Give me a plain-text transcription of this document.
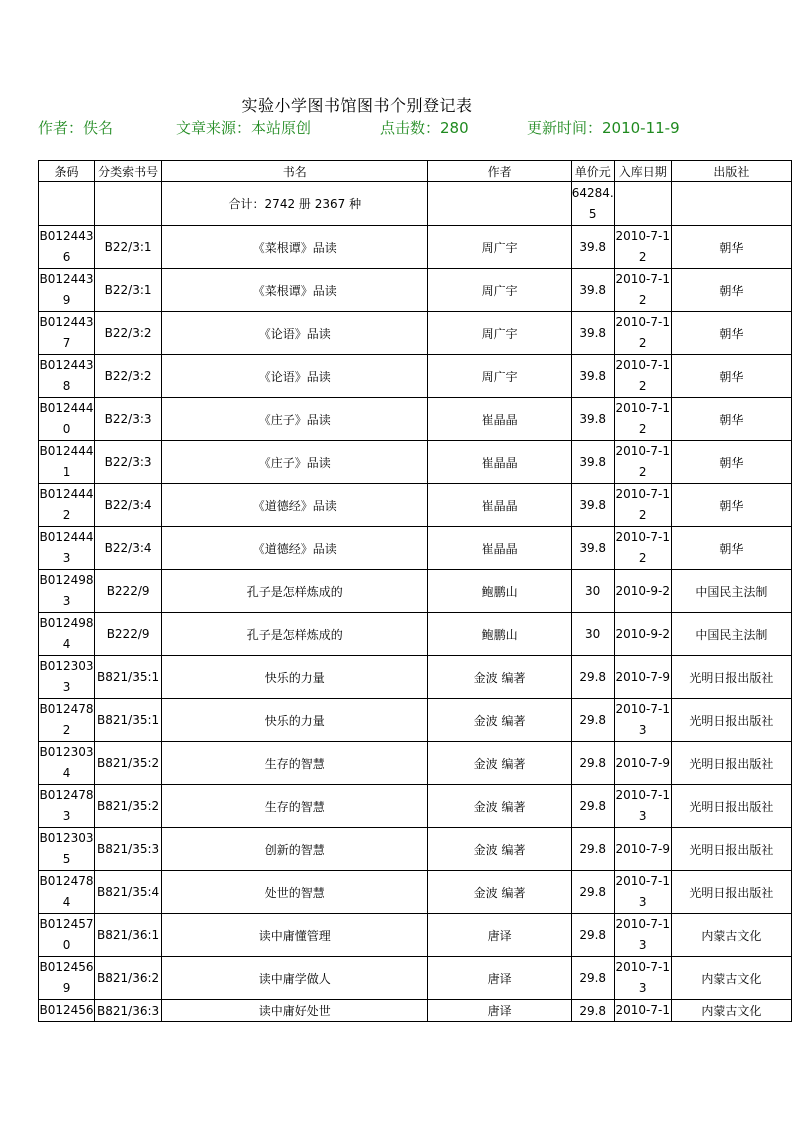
实验小学图书馆图书个别登记表
作者：佚名	文章来源：本站原创	点击数：280	更新时间：2010-11-9
条码	分类索书号	书名	作者	单价元	入库日期	出版社
		合计：2742 册 2367 种		64284.5		

B0124436	B22/3:1	《菜根谭》品读	周广宇	39.8	2010-7-12	朝华

B0124439	B22/3:1	《菜根谭》品读	周广宇	39.8	2010-7-12	朝华

B0124437	B22/3:2	《论语》品读	周广宇	39.8	2010-7-12	朝华

B0124438	B22/3:2	《论语》品读	周广宇	39.8	2010-7-12	朝华

B0124440	B22/3:3	《庄子》品读	崔晶晶	39.8	2010-7-12	朝华

B0124441	B22/3:3	《庄子》品读	崔晶晶	39.8	2010-7-12	朝华

B0124442	B22/3:4	《道德经》品读	崔晶晶	39.8	2010-7-12	朝华

B0124443	B22/3:4	《道德经》品读	崔晶晶	39.8	2010-7-12	朝华

B0124983	B222/9	孔子是怎样炼成的	鲍鹏山	30	2010-9-2	中国民主法制

B0124984	B222/9	孔子是怎样炼成的	鲍鹏山	30	2010-9-2	中国民主法制

B0123033	B821/35:1	快乐的力量	金波 编著	29.8	2010-7-9	光明日报出版社

B0124782	B821/35:1	快乐的力量	金波 编著	29.8	2010-7-13	光明日报出版社

B0123034	B821/35:2	生存的智慧	金波 编著	29.8	2010-7-9	光明日报出版社

B0124783	B821/35:2	生存的智慧	金波 编著	29.8	2010-7-13	光明日报出版社

B0123035	B821/35:3	创新的智慧	金波 编著	29.8	2010-7-9	光明日报出版社

B0124784	B821/35:4	处世的智慧	金波 编著	29.8	2010-7-13	光明日报出版社

B0124570	B821/36:1	读中庸懂管理	唐译	29.8	2010-7-13	内蒙古文化

B0124569	B821/36:2	读中庸学做人	唐译	29.8	2010-7-13	内蒙古文化

B012456	B821/36:3	读中庸好处世	唐译	29.8	2010-7-1	内蒙古文化
